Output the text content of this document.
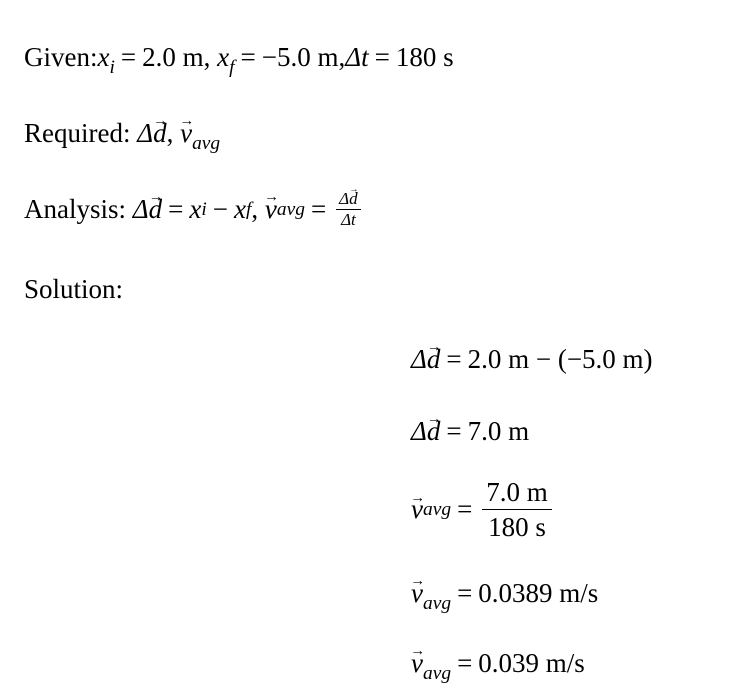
$Given:x_i = 2.0$ m, $x_f = -5.0$ m,Δt = 180 s
Required: Δ→ d, → $v_{avg}$
Analysis:
Δ → d = x i − x f ,
→ v avg = $\frac{\Delta\to d}{\Delta t}$
Solution:
Δ→ d = 2.0 m − (−5.0 m)
Δ→ d = 7.0 m
→ v avg = $\frac{7.0 m}{180 s}$
→ $v_{avg} = 0.0389$ m/s
→ $v_{avg} = 0.039$ m/s
